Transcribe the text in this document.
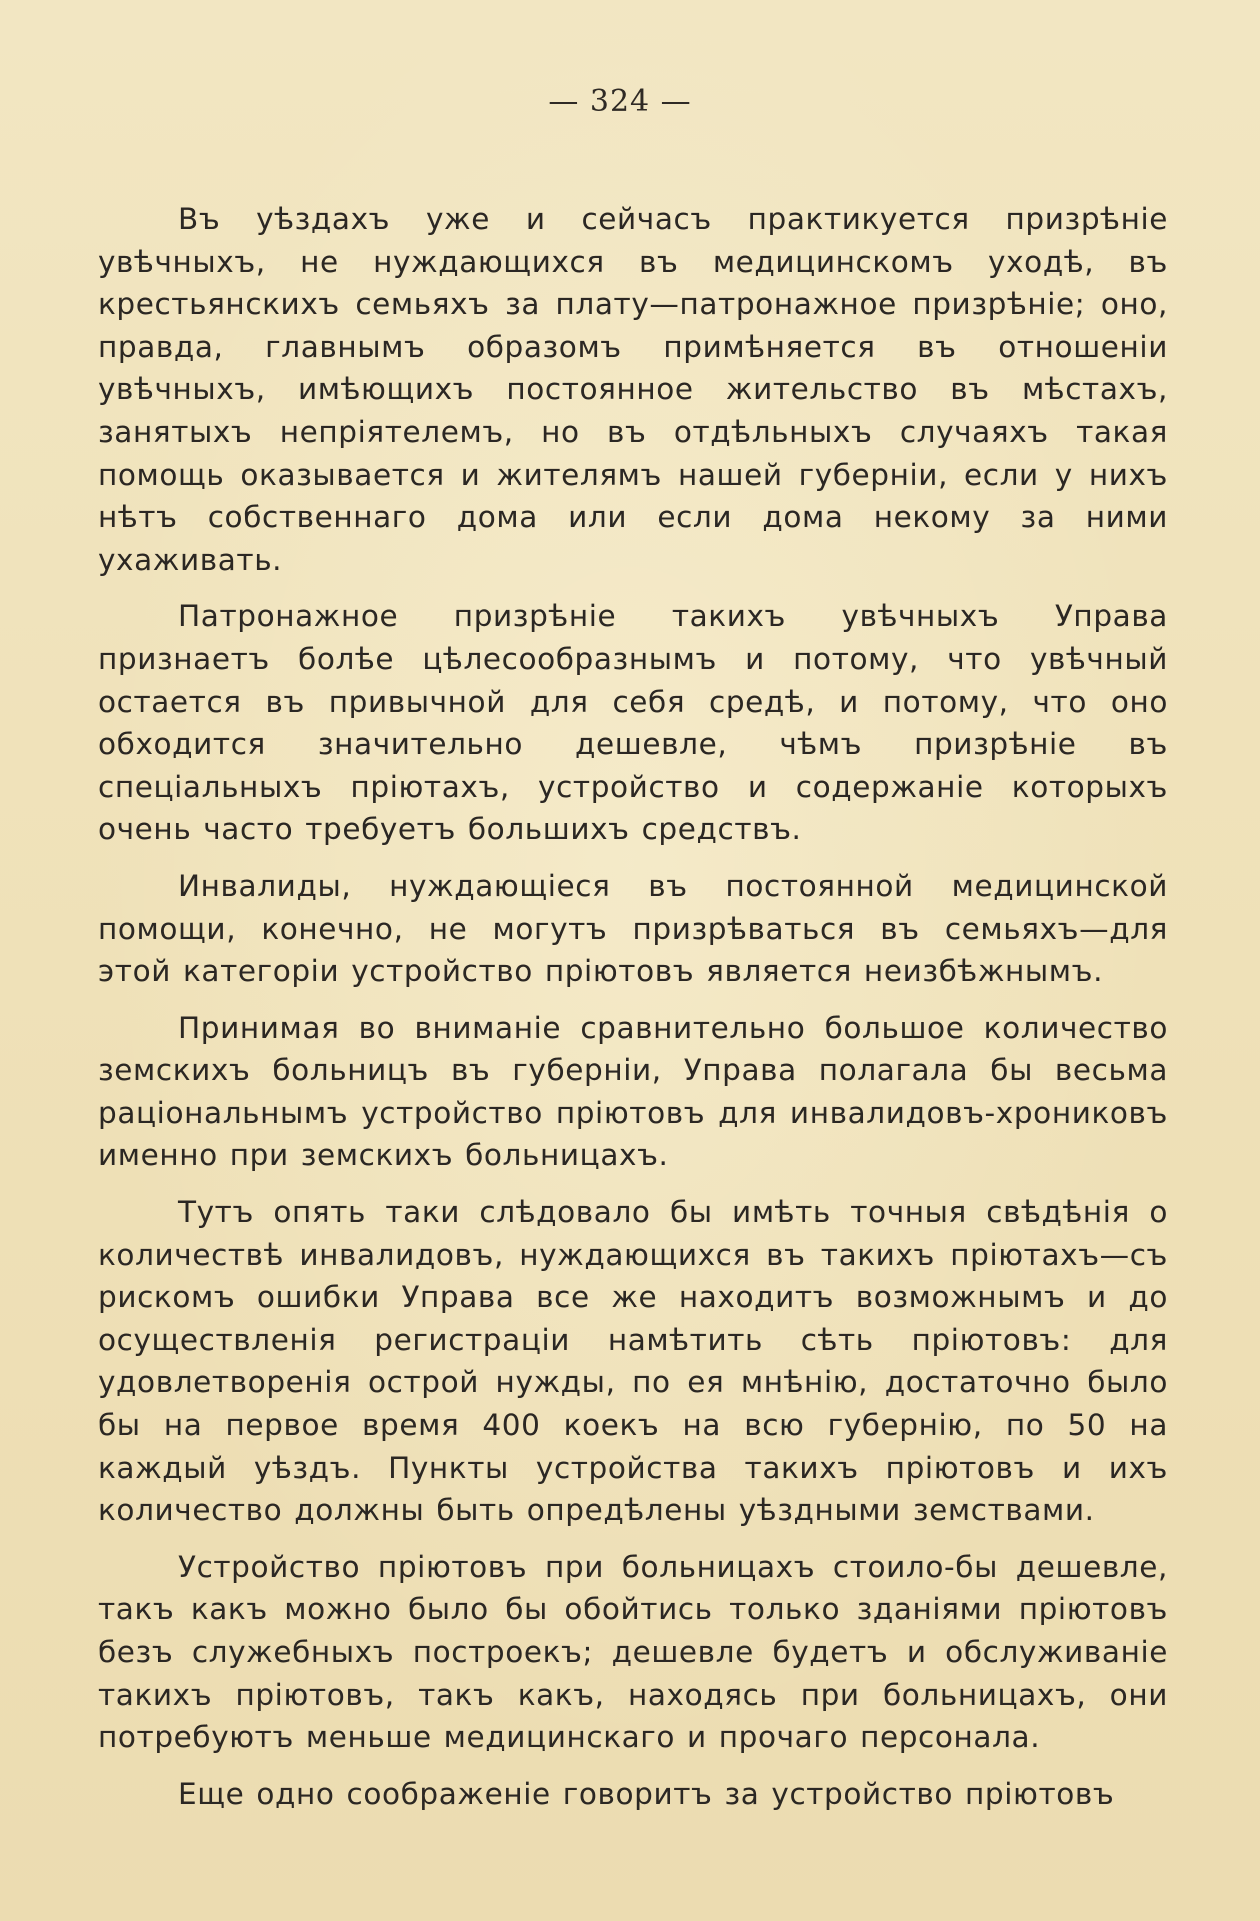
— 324 —

Въ уѣздахъ уже и сейчасъ практикуется призрѣніе увѣчныхъ, не нуждающихся въ медицинскомъ уходѣ, въ крестьянскихъ семьяхъ за плату—патронажное призрѣніе; оно, правда, главнымъ образомъ примѣняется въ отношеніи увѣчныхъ, имѣющихъ постоянное жительство въ мѣстахъ, занятыхъ непріятелемъ, но въ отдѣльныхъ случаяхъ такая помощь оказывается и жителямъ нашей губерніи, если у нихъ нѣтъ собственнаго дома или если дома некому за ними ухаживать.

Патронажное призрѣніе такихъ увѣчныхъ Управа признаетъ болѣе цѣлесообразнымъ и потому, что увѣчный остается въ привычной для себя средѣ, и потому, что оно обходится значительно дешевле, чѣмъ призрѣніе въ спеціальныхъ пріютахъ, устройство и содержаніе которыхъ очень часто требуетъ большихъ средствъ.

Инвалиды, нуждающіеся въ постоянной медицинской помощи, конечно, не могутъ призрѣваться въ семьяхъ—для этой категоріи устройство пріютовъ является неизбѣжнымъ.

Принимая во вниманіе сравнительно большое количество земскихъ больницъ въ губерніи, Управа полагала бы весьма раціональнымъ устройство пріютовъ для инвалидовъ-хрониковъ именно при земскихъ больницахъ.

Тутъ опять таки слѣдовало бы имѣть точныя свѣдѣнія о количествѣ инвалидовъ, нуждающихся въ такихъ пріютахъ—съ рискомъ ошибки Управа все же находитъ возможнымъ и до осуществленія регистраціи намѣтить сѣть пріютовъ: для удовлетворенія острой нужды, по ея мнѣнію, достаточно было бы на первое время 400 коекъ на всю губернію, по 50 на каждый уѣздъ. Пункты устройства такихъ пріютовъ и ихъ количество должны быть опредѣлены уѣздными земствами.

Устройство пріютовъ при больницахъ стоило-бы дешевле, такъ какъ можно было бы обойтись только зданіями пріютовъ безъ служебныхъ построекъ; дешевле будетъ и обслуживаніе такихъ пріютовъ, такъ какъ, находясь при больницахъ, они потребуютъ меньше медицинскаго и прочаго персонала.

Еще одно соображеніе говоритъ за устройство пріютовъ
